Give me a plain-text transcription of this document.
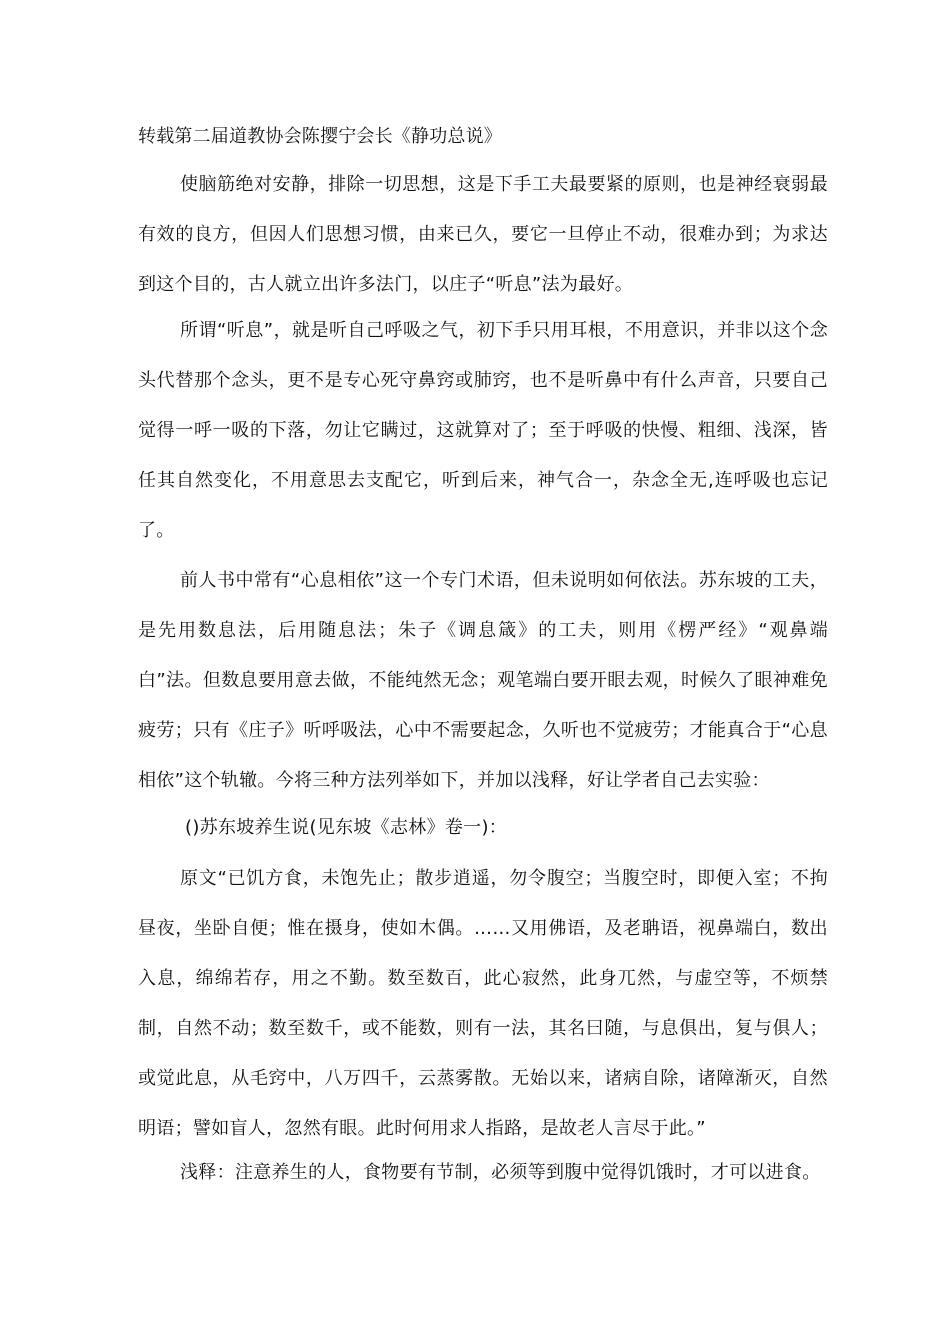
转载第二届道教协会陈撄宁会长《静功总说》

使脑筋绝对安静，排除一切思想，这是下手工夫最要紧的原则，也是神经衰弱最有效的良方，但因人们思想习惯，由来已久，要它一旦停止不动，很难办到；为求达到这个目的，古人就立出许多法门，以庄子“听息”法为最好。

所谓“听息”，就是听自己呼吸之气，初下手只用耳根，不用意识，并非以这个念头代替那个念头，更不是专心死守鼻窍或肺窍，也不是听鼻中有什么声音，只要自己觉得一呼一吸的下落，勿让它瞒过，这就算对了；至于呼吸的快慢、粗细、浅深，皆任其自然变化，不用意思去支配它，听到后来，神气合一，杂念全无,连呼吸也忘记了。

前人书中常有“心息相依”这一个专门术语，但未说明如何依法。苏东坡的工夫，是先用数息法，后用随息法；朱子《调息箴》的工夫，则用《楞严经》“观鼻端白”法。但数息要用意去做，不能纯然无念；观笔端白要开眼去观，时候久了眼神难免疲劳；只有《庄子》听呼吸法，心中不需要起念，久听也不觉疲劳；才能真合于“心息相依”这个轨辙。今将三种方法列举如下，并加以浅释，好让学者自己去实验：

()苏东坡养生说(见东坡《志林》卷一)：

原文“已饥方食，未饱先止；散步逍遥，勿令腹空；当腹空时，即便入室；不拘昼夜，坐卧自便；惟在摄身，使如木偶。……又用佛语，及老聃语，视鼻端白，数出入息，绵绵若存，用之不勤。数至数百，此心寂然，此身兀然，与虚空等，不烦禁制，自然不动；数至数千，或不能数，则有一法，其名曰随，与息俱出，复与俱人；或觉此息，从毛窍中，八万四千，云蒸雾散。无始以来，诸病自除，诸障渐灭，自然明语；譬如盲人，忽然有眼。此时何用求人指路，是故老人言尽于此。”

浅释：注意养生的人，食物要有节制，必须等到腹中觉得饥饿时，才可以进食。
